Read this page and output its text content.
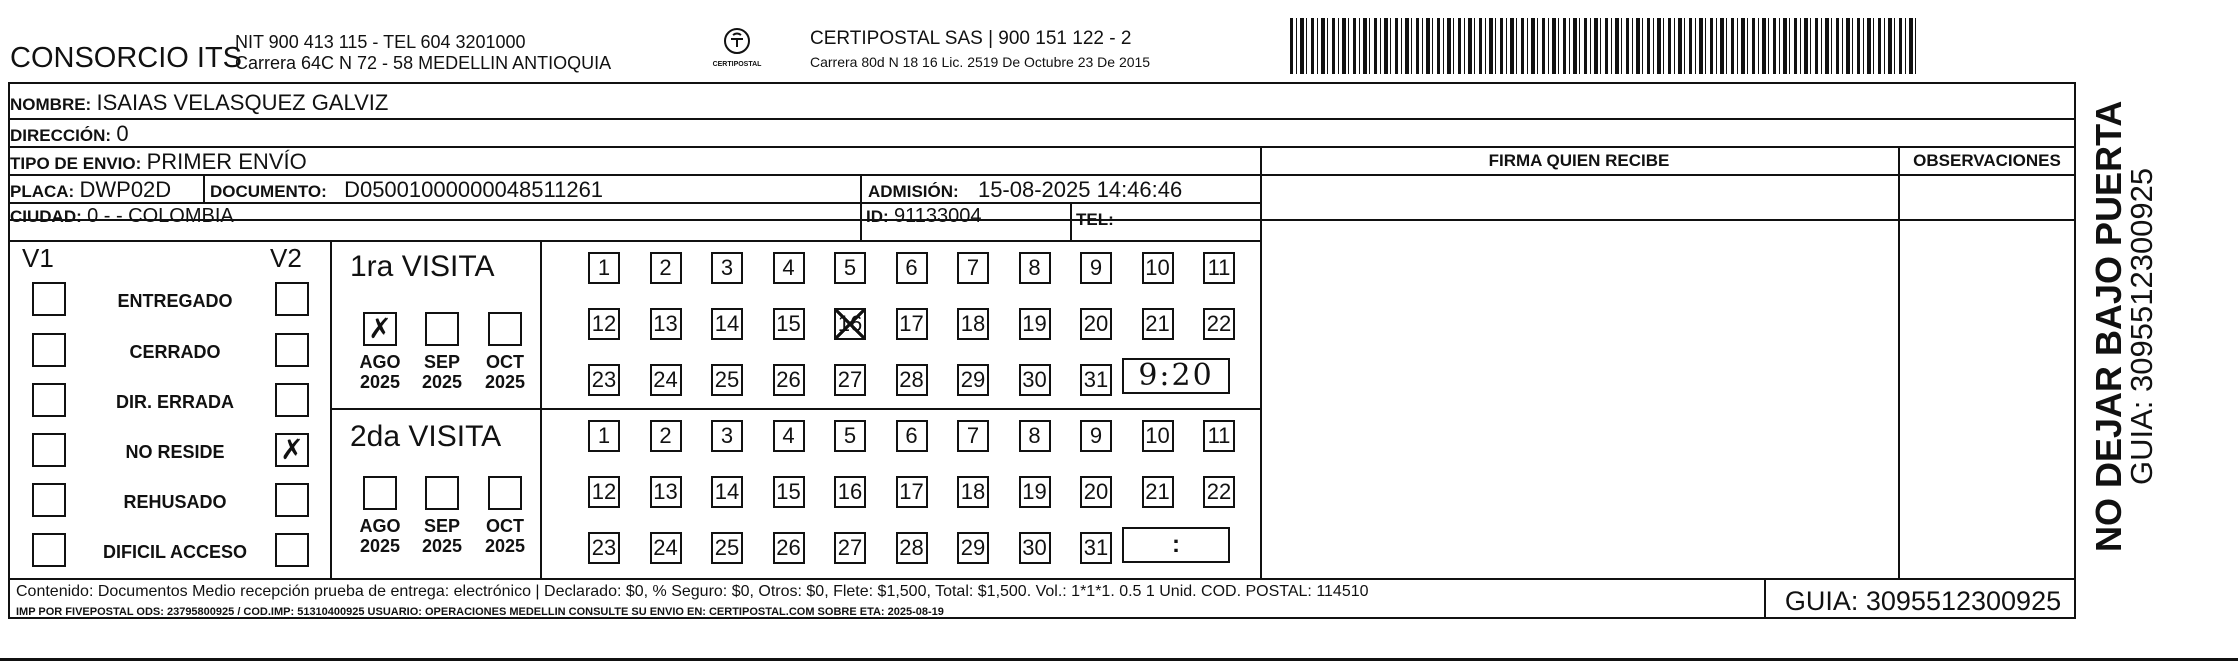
CONSORCIO ITS
NIT 900 413 115 - TEL 604 3201000
Carrera 64C N 72 - 58 MEDELLIN ANTIOQUIA	CERTIPOSTAL
CERTIPOSTAL SAS | 900 151 122 - 2
Carrera 80d N 18 16 Lic. 2519 De Octubre 23 De 2015
NOMBRE: ISAIAS VELASQUEZ GALVIZ
DIRECCIÓN: 0
TIPO DE ENVIO: PRIMER ENVÍO
PLACA: DWP02D DOCUMENTO: D05001000000048511261	ADMISIÓN: 15-08-2025 14:46:46
CIUDAD: 0 - - COLOMBIA	ID: 91133004	TEL:
FIRMA QUIEN RECIBE	OBSERVACIONES
V1	V2
ENTREGADO
CERRADO
DIR. ERRADA
NO RESIDE	✗
REHUSADO
DIFICIL ACCESO
1ra VISITA
✗
AGO
2025
SEP
2025
OCT
2025
1	2	3	4	5	6	7	8	9	10 11
12 13 14 15 16 17 18 19 20 21 22
23 24 25 26 27 28 29 30 31	9:20
2da VISITA
AGO
2025
SEP
2025
OCT
2025
1	2	3	4	5	6	7	8	9	10 11
12 13 14 15 16 17 18 19 20 21 22
23 24 25 26 27 28 29 30 31	:
Contenido: Documentos Medio recepción prueba de entrega: electrónico | Declarado: $0, % Seguro: $0, Otros: $0, Flete: $1,500, Total: $1,500. Vol.: 1*1*1. 0.5 1 Unid. COD. POSTAL: 114510
IMP POR FIVEPOSTAL ODS: 23795800925 / COD.IMP: 51310400925 USUARIO: OPERACIONES MEDELLIN CONSULTE SU ENVIO EN: CERTIPOSTAL.COM SOBRE ETA: 2025-08-19	GUIA: 3095512300925
NO DEJAR BAJO PUERTA
GUIA: 3095512300925
